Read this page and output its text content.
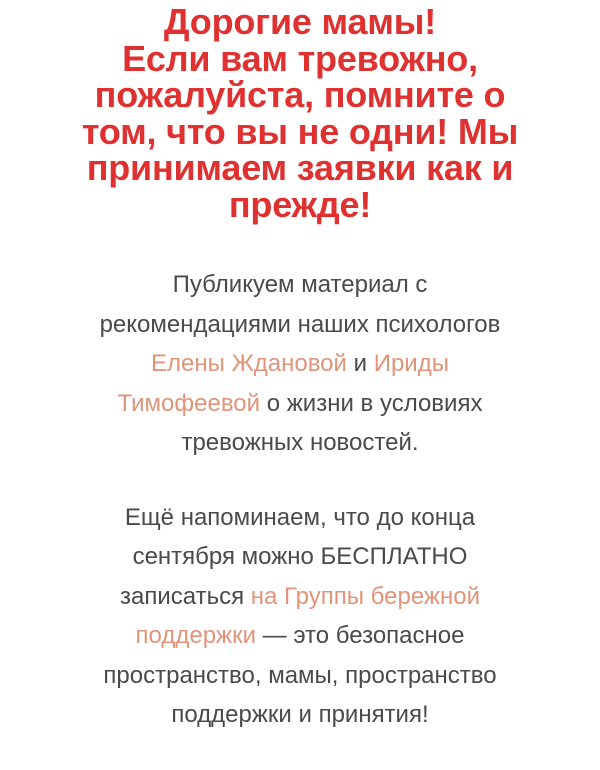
Дорогие мамы!
Если вам тревожно,
пожалуйста, помните о
том, что вы не одни! Мы
принимаем заявки как и
прежде!

Публикуем материал с
рекомендациями наших психологов
Елены Ждановой и Ириды
Тимофеевой о жизни в условиях
тревожных новостей.

Ещё напоминаем, что до конца
сентября можно БЕСПЛАТНО
записаться на Группы бережной
поддержки — это безопасное
пространство, мамы, пространство
поддержки и принятия!
